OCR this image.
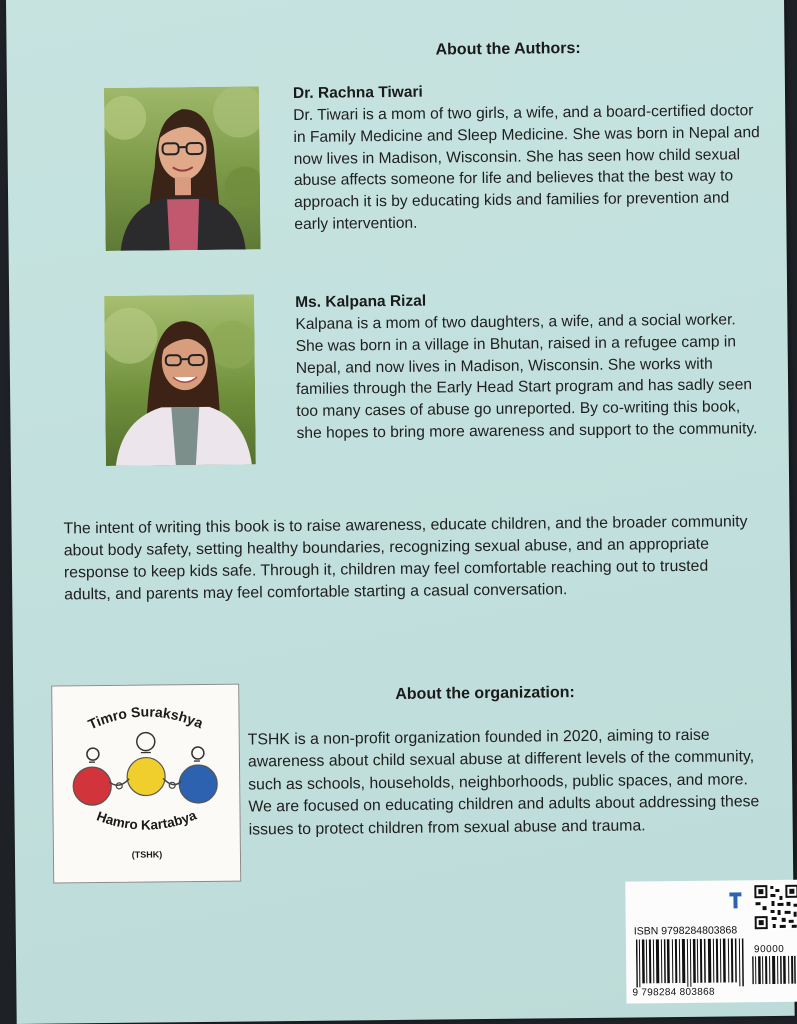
About the Authors:
Dr. Rachna Tiwari
Dr. Tiwari is a mom of two girls, a wife, and a board-certified doctor in Family Medicine and Sleep Medicine. She was born in Nepal and now lives in Madison, Wisconsin. She has seen how child sexual abuse affects someone for life and believes that the best way to approach it is by educating kids and families for prevention and early intervention.
Ms. Kalpana Rizal
Kalpana is a mom of two daughters, a wife, and a social worker. She was born in a village in Bhutan, raised in a refugee camp in Nepal, and now lives in Madison, Wisconsin. She works with families through the Early Head Start program and has sadly seen too many cases of abuse go unreported. By co-writing this book, she hopes to bring more awareness and support to the community.
The intent of writing this book is to raise awareness, educate children, and the broader community about body safety, setting healthy boundaries, recognizing sexual abuse, and an appropriate response to keep kids safe. Through it, children may feel comfortable reaching out to trusted adults, and parents may feel comfortable starting a casual conversation.
Timro Surakshya
Hamro Kartabya
(TSHK)
About the organization:
TSHK is a non-profit organization founded in 2020, aiming to raise awareness about child sexual abuse at different levels of the community, such as schools, households, neighborhoods, public spaces, and more. We are focused on educating children and adults about addressing these issues to protect children from sexual abuse and trauma.
ISBN 9798284803868
90000
9 798284 803868
